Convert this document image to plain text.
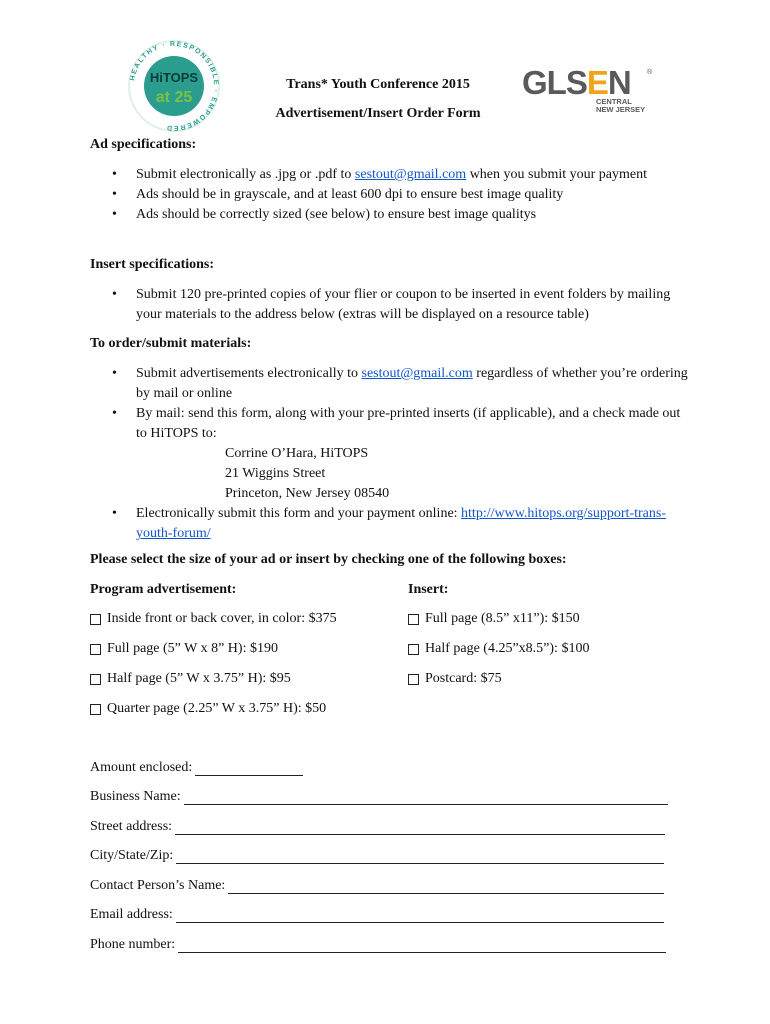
HEALTHY · RESPONSIBLE · EMPOWERED
HiTOPS
at 25
Trans* Youth Conference 2015
Advertisement/Insert Order Form
GLSEN ®
CENTRAL
NEW JERSEY
Ad specifications:
• Submit electronically as .jpg or .pdf to sestout@gmail.com when you submit your payment
• Ads should be in grayscale, and at least 600 dpi to ensure best image quality
• Ads should be correctly sized (see below) to ensure best image qualitys
Insert specifications:
• Submit 120 pre-printed copies of your flier or coupon to be inserted in event folders by mailing your materials to the address below (extras will be displayed on a resource table)
To order/submit materials:
• Submit advertisements electronically to sestout@gmail.com regardless of whether you’re ordering by mail or online
• By mail: send this form, along with your pre-printed inserts (if applicable), and a check made out to HiTOPS to:
Corrine O’Hara, HiTOPS
21 Wiggins Street
Princeton, New Jersey 08540
• Electronically submit this form and your payment online: http://www.hitops.org/support-trans-youth-forum/
Please select the size of your ad or insert by checking one of the following boxes:
Program advertisement:	Insert:
Inside front or back cover, in color: $375
Full page (5” W x 8” H): $190
Half page (5” W x 3.75” H): $95
Quarter page (2.25” W x 3.75” H): $50
Full page (8.5” x11”): $150
Half page (4.25”x8.5”): $100
Postcard: $75
Amount enclosed:
Business Name:
Street address:
City/State/Zip:
Contact Person’s Name:
Email address:
Phone number:
